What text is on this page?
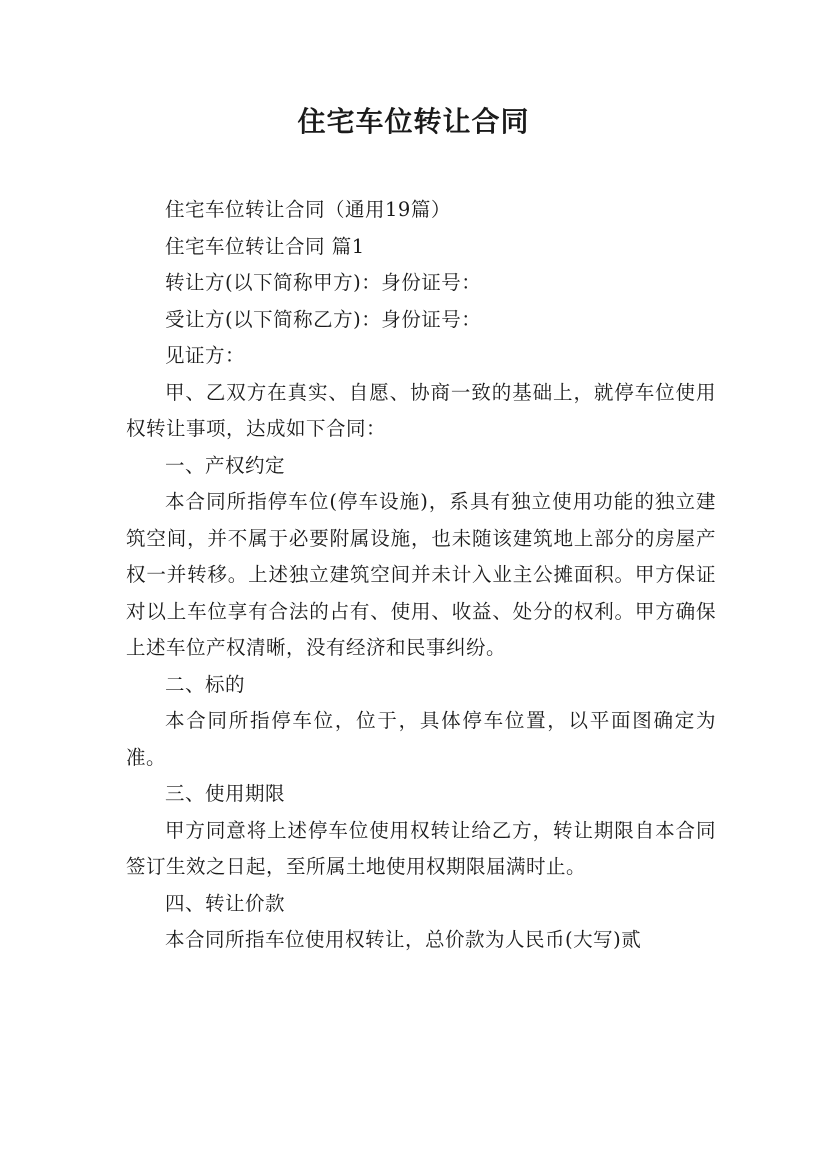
住宅车位转让合同

住宅车位转让合同（通用19篇）

住宅车位转让合同 篇1

转让方(以下简称甲方)：身份证号：

受让方(以下简称乙方)：身份证号：

见证方：

甲、乙双方在真实、自愿、协商一致的基础上，就停车位使用权转让事项，达成如下合同：

一、产权约定

本合同所指停车位(停车设施)，系具有独立使用功能的独立建筑空间，并不属于必要附属设施，也未随该建筑地上部分的房屋产权一并转移。上述独立建筑空间并未计入业主公摊面积。甲方保证对以上车位享有合法的占有、使用、收益、处分的权利。甲方确保上述车位产权清晰，没有经济和民事纠纷。

二、标的

本合同所指停车位，位于，具体停车位置，以平面图确定为准。

三、使用期限

甲方同意将上述停车位使用权转让给乙方，转让期限自本合同签订生效之日起，至所属土地使用权期限届满时止。

四、转让价款

本合同所指车位使用权转让，总价款为人民币(大写)贰
